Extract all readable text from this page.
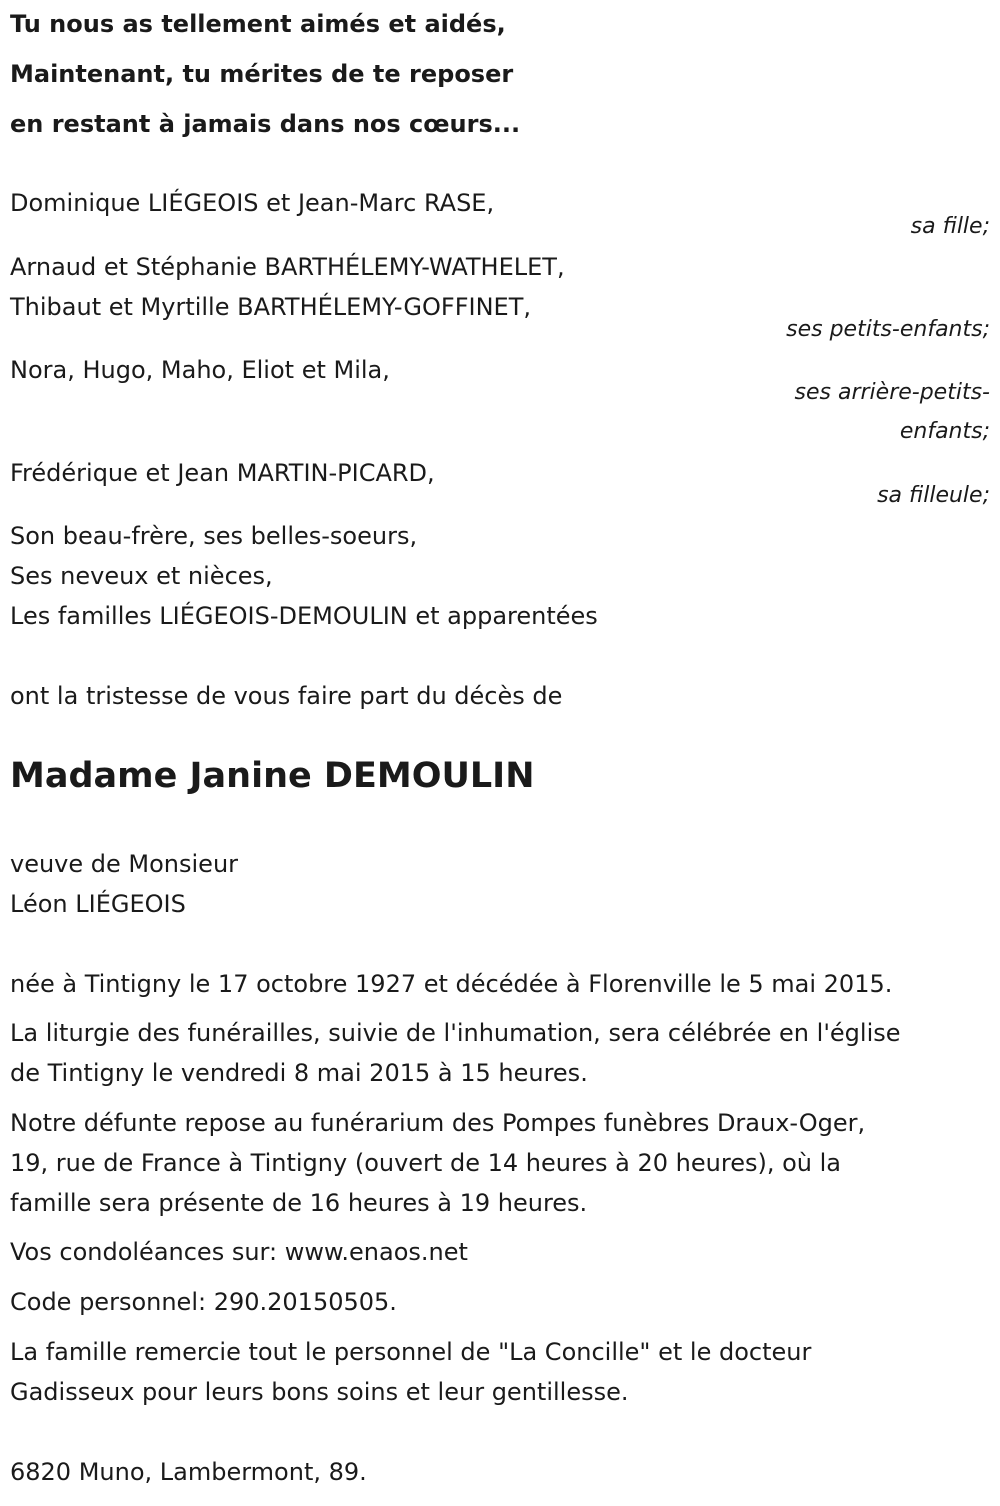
Tu nous as tellement aimés et aidés,
Maintenant, tu mérites de te reposer
en restant à jamais dans nos cœurs...
Dominique LIÉGEOIS et Jean-Marc RASE,
sa fille;
Arnaud et Stéphanie BARTHÉLEMY-WATHELET,
Thibaut et Myrtille BARTHÉLEMY-GOFFINET,
ses petits-enfants;
Nora, Hugo, Maho, Eliot et Mila,
ses arrière-petits-
enfants;
Frédérique et Jean MARTIN-PICARD,
sa filleule;
Son beau-frère, ses belles-soeurs,
Ses neveux et nièces,
Les familles LIÉGEOIS-DEMOULIN et apparentées
ont la tristesse de vous faire part du décès de
Madame Janine DEMOULIN
veuve de Monsieur
Léon LIÉGEOIS
née à Tintigny le 17 octobre 1927 et décédée à Florenville le 5 mai 2015.
La liturgie des funérailles, suivie de l'inhumation, sera célébrée en l'église
de Tintigny le vendredi 8 mai 2015 à 15 heures.
Notre défunte repose au funérarium des Pompes funèbres Draux-Oger,
19, rue de France à Tintigny (ouvert de 14 heures à 20 heures), où la
famille sera présente de 16 heures à 19 heures.
Vos condoléances sur: www.enaos.net
Code personnel: 290.20150505.
La famille remercie tout le personnel de "La Concille" et le docteur
Gadisseux pour leurs bons soins et leur gentillesse.
6820 Muno, Lambermont, 89.
